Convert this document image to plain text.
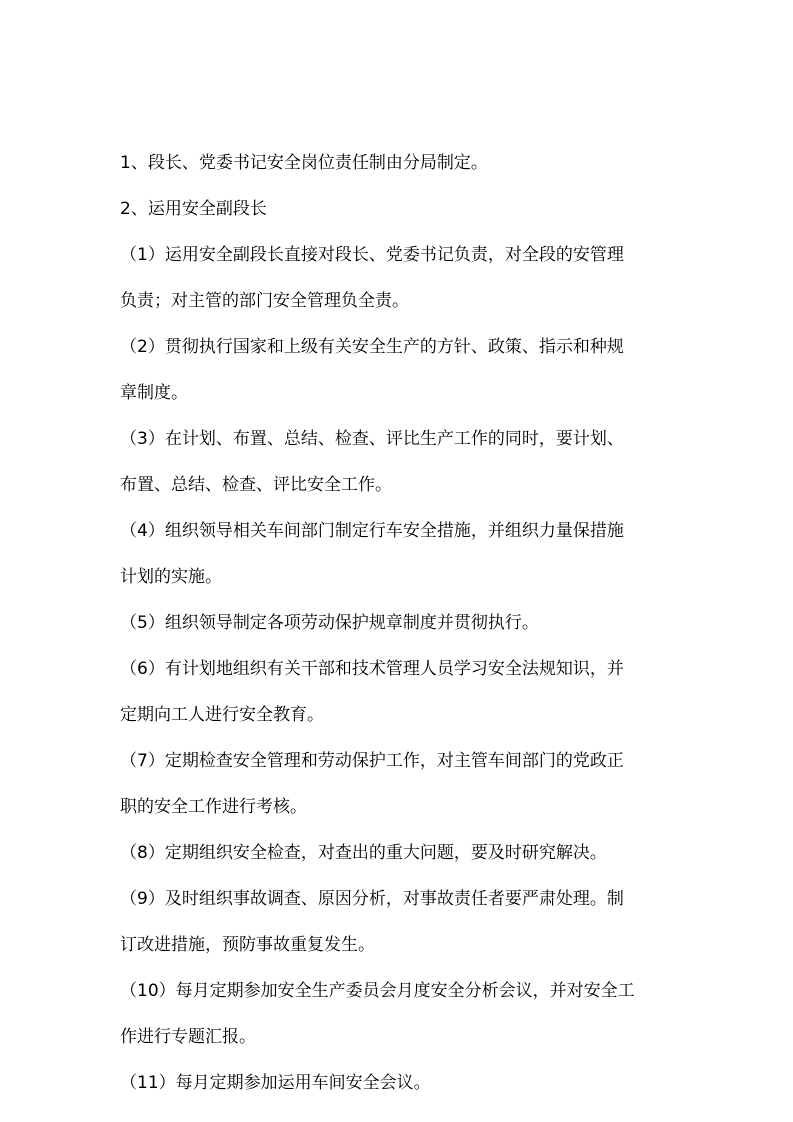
1、段长、党委书记安全岗位责任制由分局制定。
2、运用安全副段长
（1）运用安全副段长直接对段长、党委书记负责，对全段的安管理
负责；对主管的部门安全管理负全责。
（2）贯彻执行国家和上级有关安全生产的方针、政策、指示和种规
章制度。
（3）在计划、布置、总结、检查、评比生产工作的同时，要计划、
布置、总结、检查、评比安全工作。
（4）组织领导相关车间部门制定行车安全措施，并组织力量保措施
计划的实施。
（5）组织领导制定各项劳动保护规章制度并贯彻执行。
（6）有计划地组织有关干部和技术管理人员学习安全法规知识，并
定期向工人进行安全教育。
（7）定期检查安全管理和劳动保护工作，对主管车间部门的党政正
职的安全工作进行考核。
（8）定期组织安全检查，对查出的重大问题，要及时研究解决。
（9）及时组织事故调查、原因分析，对事故责任者要严肃处理。制
订改进措施，预防事故重复发生。
（10）每月定期参加安全生产委员会月度安全分析会议，并对安全工
作进行专题汇报。
（11）每月定期参加运用车间安全会议。
